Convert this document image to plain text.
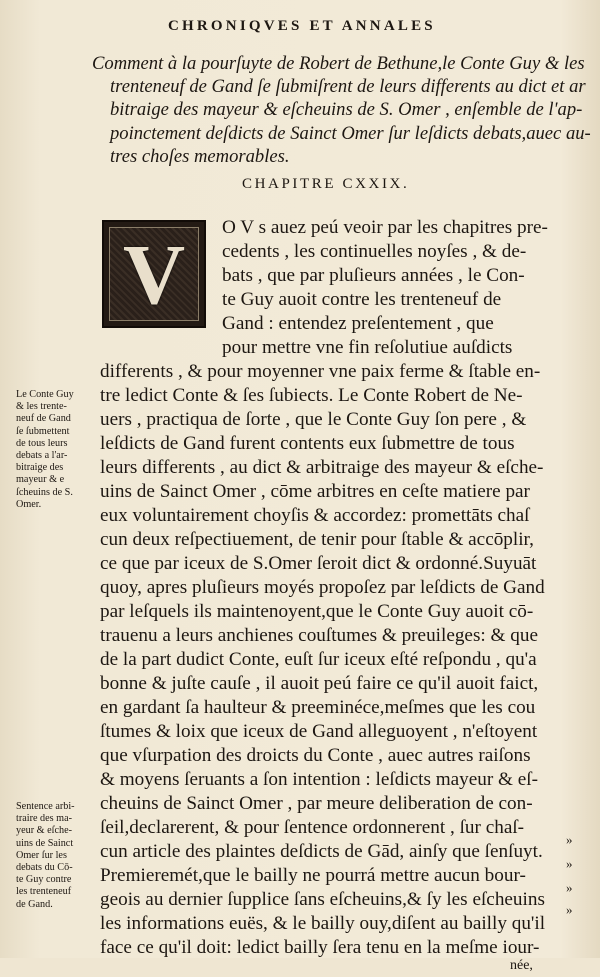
CHRONIQVES ET ANNALES
Comment à la pourſuyte de Robert de Bethune,le Conte Guy & les
trenteneuf de Gand ſe ſubmiſrent de leurs differents au dict et ar
bitraige des mayeur & eſcheuins de S. Omer , enſemble de l'ap-
poinctement deſdicts de Sainct Omer ſur leſdicts debats,auec au-
tres choſes memorables.
CHAPITRE CXXIX.
V O V s auez peú veoir par les chapitres pre-
cedents , les continuelles noyſes , & de-
bats , que par pluſieurs années , le Con-
te Guy auoit contre les trenteneuf de
Gand : entendez preſentement , que
pour mettre vne fin reſolutiue auſdicts
differents , & pour moyenner vne paix ferme & ſtable en-
tre ledict Conte & ſes ſubiects. Le Conte Robert de Ne-
uers , practiqua de ſorte , que le Conte Guy ſon pere , &
leſdicts de Gand furent contents eux ſubmettre de tous
leurs differents , au dict & arbitraige des mayeur & eſche-
uins de Sainct Omer , cōme arbitres en ceſte matiere par
eux voluntairement choyſis & accordez: promettāts chaſ
cun deux reſpectiuement, de tenir pour ſtable & accōplir,
ce que par iceux de S.Omer ſeroit dict & ordonné.Suyuāt
quoy, apres pluſieurs moyés propoſez par leſdicts de Gand
par leſquels ils maintenoyent,que le Conte Guy auoit cō-
trauenu a leurs anchienes couſtumes & preuileges: & que
de la part dudict Conte, euſt ſur iceux eſté reſpondu , qu'a
bonne & juſte cauſe , il auoit peú faire ce qu'il auoit faict,
en gardant ſa haulteur & preeminéce,meſmes que les cou
ſtumes & loix que iceux de Gand alleguoyent , n'eſtoyent
que vſurpation des droicts du Conte , auec autres raiſons
& moyens ſeruants a ſon intention : leſdicts mayeur & eſ-
cheuins de Sainct Omer , par meure deliberation de con-
ſeil,declarerent, & pour ſentence ordonnerent , ſur chaſ-
cun article des plaintes deſdicts de Gād, ainſy que ſenſuyt.
Premieremét,que le bailly ne pourrá mettre aucun bour-
geois au dernier ſupplice ſans eſcheuins,& ſy les eſcheuins
les informations euës, & le bailly ouy,diſent au bailly qu'il
face ce qu'il doit: ledict bailly ſera tenu en la meſme iour-
née,
Le Conte Guy
& les trente-
neuf de Gand
ſe ſubmettent
de tous leurs
debats a l'ar-
bitraige des
mayeur & e
ſcheuins de S.
Omer.
Sentence arbi-
traire des ma-
yeur & eſche-
uins de Sainct
Omer ſur les
debats du Cō-
te Guy contre
les trenteneuf
de Gand.
»
»
»
»
